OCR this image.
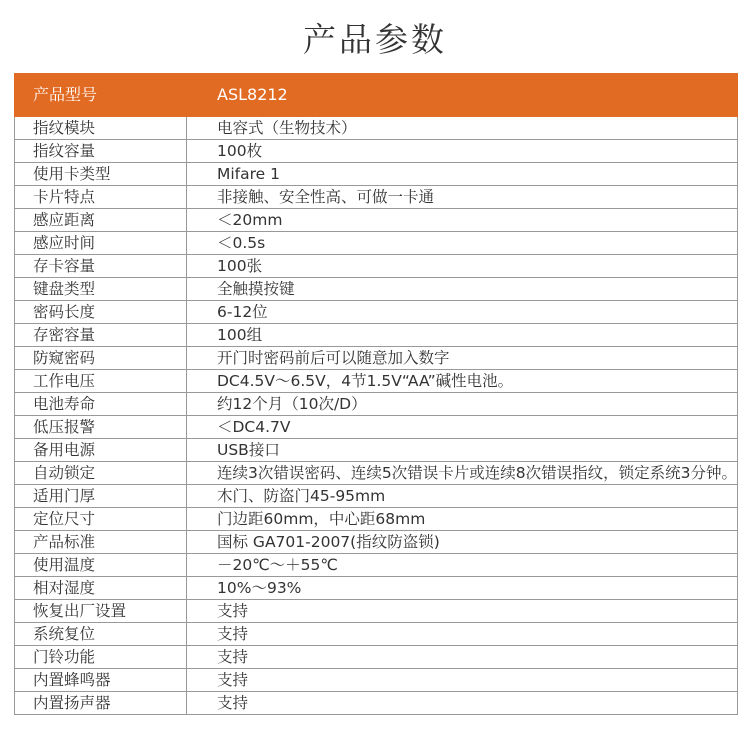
产品参数
产品型号	ASL8212
指纹模块	电容式（生物技术）
指纹容量	100枚
使用卡类型	Mifare 1
卡片特点	非接触、安全性高、可做一卡通
感应距离	＜20mm
感应时间	＜0.5s
存卡容量	100张
键盘类型	全触摸按键
密码长度	6-12位
存密容量	100组
防窥密码	开门时密码前后可以随意加入数字
工作电压	DC4.5V～6.5V，4节1.5V“AA”碱性电池。
电池寿命	约12个月（10次/D）
低压报警	＜DC4.7V
备用电源	USB接口
自动锁定	连续3次错误密码、连续5次错误卡片或连续8次错误指纹，锁定系统3分钟。
适用门厚	木门、防盗门45-95mm
定位尺寸	门边距60mm，中心距68mm
产品标准	国标 GA701-2007(指纹防盗锁)
使用温度	－20℃～＋55℃
相对湿度	10%～93%
恢复出厂设置	支持
系统复位	支持
门铃功能	支持
内置蜂鸣器	支持
内置扬声器	支持
